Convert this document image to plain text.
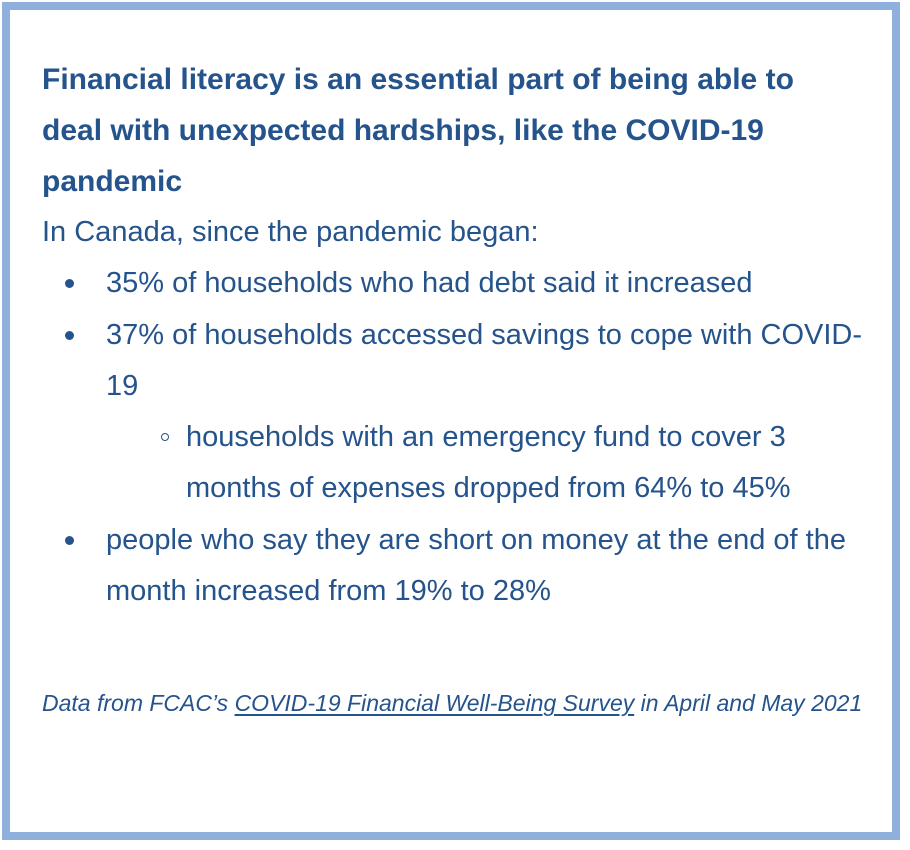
Financial literacy is an essential part of being able to deal with unexpected hardships, like the COVID-19 pandemic

In Canada, since the pandemic began:

35% of households who had debt said it increased
37% of households accessed savings to cope with COVID-19
households with an emergency fund to cover 3 months of expenses dropped from 64% to 45%
people who say they are short on money at the end of the month increased from 19% to 28%

Data from FCAC’s COVID-19 Financial Well-Being Survey in April and May 2021
